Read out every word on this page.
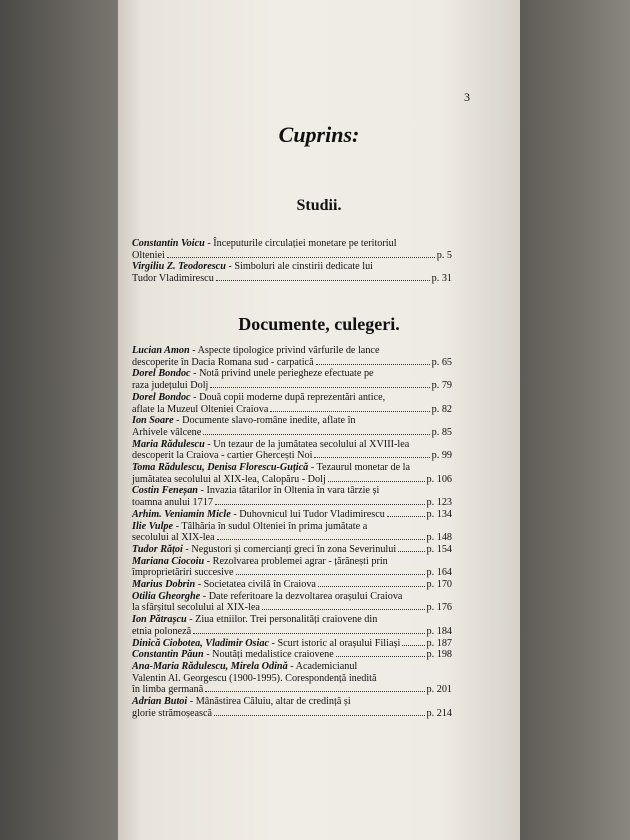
3
Cuprins:
Studii.
Constantin Voicu - Începuturile circulației monetare pe teritoriul
Olteniei	p. 5
Virgiliu Z. Teodorescu - Simboluri ale cinstirii dedicate lui
Tudor Vladimirescu	p. 31
Documente, culegeri.
Lucian Amon - Aspecte tipologice privind vârfurile de lance
descoperite în Dacia Romana sud - carpatică	p. 65
Dorel Bondoc - Notă privind unele periegheze efectuate pe
raza județului Dolj	p. 79
Dorel Bondoc - Două copii moderne după reprezentări antice,
aflate la Muzeul Olteniei Craiova	p. 82
Ion Soare - Documente slavo-române inedite, aflate în
Arhivele vâlcene	p. 85
Maria Rădulescu - Un tezaur de la jumătatea secolului al XVIII-lea
descoperit la Craiova - cartier Ghercești Noi	p. 99
Toma Rădulescu, Denisa Florescu-Guțică - Tezaurul monetar de la
jumătatea secolului al XIX-lea, Calopăru - Dolj	p. 106
Costin Feneșan - Invazia tătarilor în Oltenia în vara târzie și
toamna anului 1717	p. 123
Arhim. Veniamin Micle - Duhovnicul lui Tudor Vladimirescu	p. 134
Ilie Vulpe - Tâlhăria în sudul Olteniei în prima jumătate a
secolului al XIX-lea	p. 148
Tudor Rățoi - Negustori și comercianți greci în zona Severinului	p. 154
Mariana Ciocoiu - Rezolvarea problemei agrar - țărănești prin
împroprietăriri succesive	p. 164
Marius Dobrin - Societatea civilă în Craiova	p. 170
Otilia Gheorghe - Date referitoare la dezvoltarea orașului Craiova
la sfârșitul secolului al XIX-lea	p. 176
Ion Pătrașcu - Ziua etniilor. Trei personalități craiovene din
etnia poloneză	p. 184
Dinică Ciobotea, Vladimir Osiac - Scurt istoric al orașului Filiași	p. 187
Constantin Păun - Noutăți medalistice craiovene	p. 198
Ana-Maria Rădulescu, Mirela Odină - Academicianul
Valentin Al. Georgescu (1900-1995). Corespondență inedită
în limba germană	p. 201
Adrian Butoi - Mânăstirea Căluiu, altar de credință și
glorie strămoșească	p. 214
